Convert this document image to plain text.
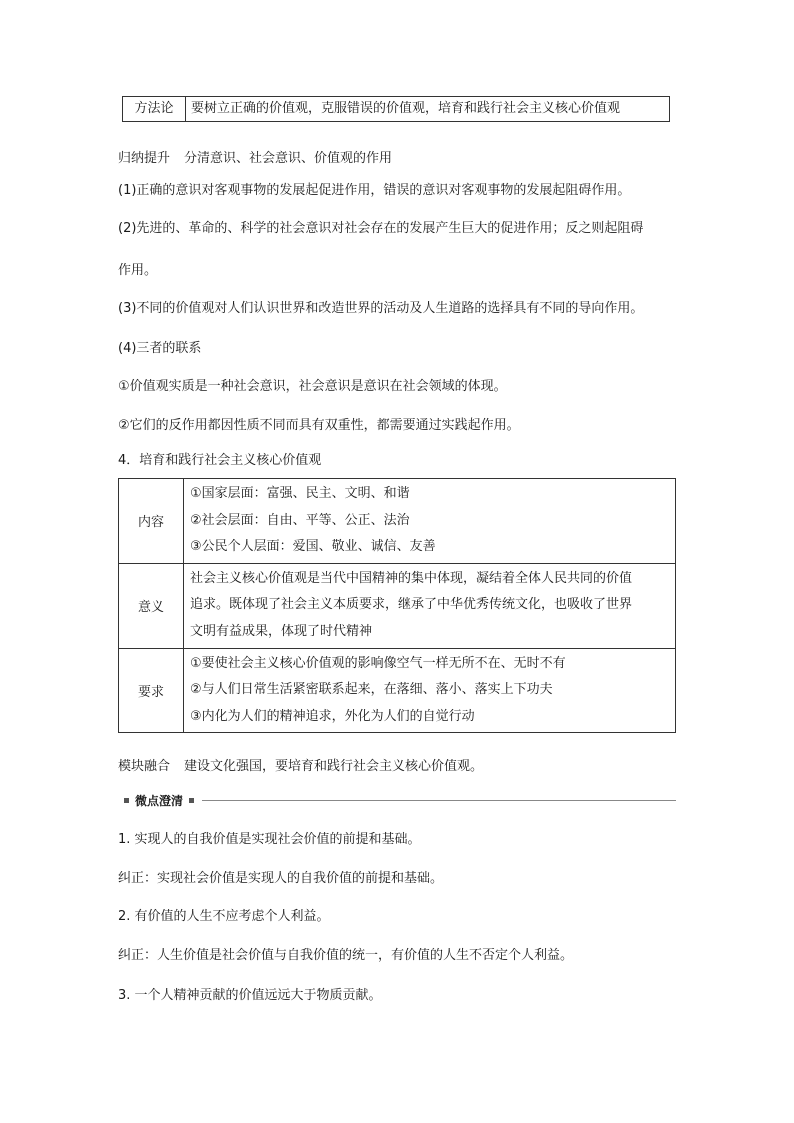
方法论	要树立正确的价值观，克服错误的价值观，培育和践行社会主义核心价值观
归纳提升 分清意识、社会意识、价值观的作用
(1)正确的意识对客观事物的发展起促进作用，错误的意识对客观事物的发展起阻碍作用。
(2)先进的、革命的、科学的社会意识对社会存在的发展产生巨大的促进作用；反之则起阻碍
作用。
(3)不同的价值观对人们认识世界和改造世界的活动及人生道路的选择具有不同的导向作用。
(4)三者的联系
①价值观实质是一种社会意识，社会意识是意识在社会领域的体现。
②它们的反作用都因性质不同而具有双重性，都需要通过实践起作用。
4．培育和践行社会主义核心价值观
内容	①国家层面：富强、民主、文明、和谐
②社会层面：自由、平等、公正、法治
③公民个人层面：爱国、敬业、诚信、友善

意义	社会主义核心价值观是当代中国精神的集中体现，凝结着全体人民共同的价值
追求。既体现了社会主义本质要求，继承了中华优秀传统文化，也吸收了世界
文明有益成果，体现了时代精神

要求	①要使社会主义核心价值观的影响像空气一样无所不在、无时不有
②与人们日常生活紧密联系起来，在落细、落小、落实上下功夫
③内化为人们的精神追求，外化为人们的自觉行动
模块融合 建设文化强国，要培育和践行社会主义核心价值观。
微点澄清
1. 实现人的自我价值是实现社会价值的前提和基础。
纠正：实现社会价值是实现人的自我价值的前提和基础。
2. 有价值的人生不应考虑个人利益。
纠正：人生价值是社会价值与自我价值的统一，有价值的人生不否定个人利益。
3. 一个人精神贡献的价值远远大于物质贡献。
